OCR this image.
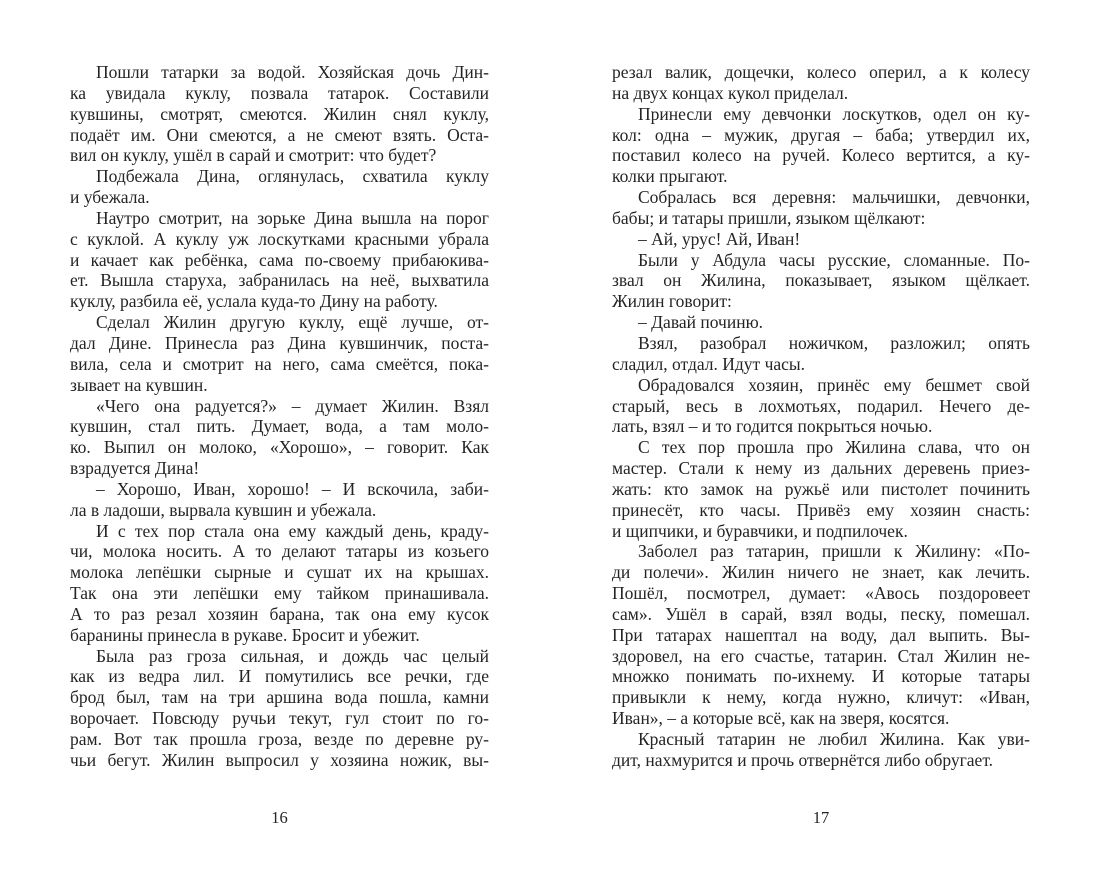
Пошли татарки за водой. Хозяйская дочь Дин-
ка увидала куклу, позвала татарок. Составили
кувшины, смотрят, смеются. Жилин снял куклу,
подаёт им. Они смеются, а не смеют взять. Оста-
вил он куклу, ушёл в сарай и смотрит: что будет?
Подбежала Дина, оглянулась, схватила куклу
и убежала.
Наутро смотрит, на зорьке Дина вышла на порог
с куклой. А куклу уж лоскутками красными убрала
и качает как ребёнка, сама по-своему прибаюкива-
ет. Вышла старуха, забранилась на неё, выхватила
куклу, разбила её, услала куда-то Дину на работу.
Сделал Жилин другую куклу, ещё лучше, от-
дал Дине. Принесла раз Дина кувшинчик, поста-
вила, села и смотрит на него, сама смеётся, пока-
зывает на кувшин.
«Чего она радуется?» – думает Жилин. Взял
кувшин, стал пить. Думает, вода, а там моло-
ко. Выпил он молоко, «Хорошо», – говорит. Как
взрадуется Дина!
– Хорошо, Иван, хорошо! – И вскочила, заби-
ла в ладоши, вырвала кувшин и убежала.
И с тех пор стала она ему каждый день, краду-
чи, молока носить. А то делают татары из козьего
молока лепёшки сырные и сушат их на крышах.
Так она эти лепёшки ему тайком принашивала.
А то раз резал хозяин барана, так она ему кусок
баранины принесла в рукаве. Бросит и убежит.
Была раз гроза сильная, и дождь час целый
как из ведра лил. И помутились все речки, где
брод был, там на три аршина вода пошла, камни
ворочает. Повсюду ручьи текут, гул стоит по го-
рам. Вот так прошла гроза, везде по деревне ру-
чьи бегут. Жилин выпросил у хозяина ножик, вы-
16
резал валик, дощечки, колесо оперил, а к колесу
на двух концах кукол приделал.
Принесли ему девчонки лоскутков, одел он ку-
кол: одна – мужик, другая – баба; утвердил их,
поставил колесо на ручей. Колесо вертится, а ку-
колки прыгают.
Собралась вся деревня: мальчишки, девчонки,
бабы; и татары пришли, языком щёлкают:
– Ай, урус! Ай, Иван!
Были у Абдула часы русские, сломанные. По-
звал он Жилина, показывает, языком щёлкает.
Жилин говорит:
– Давай починю.
Взял, разобрал ножичком, разложил; опять
сладил, отдал. Идут часы.
Обрадовался хозяин, принёс ему бешмет свой
старый, весь в лохмотьях, подарил. Нечего де-
лать, взял – и то годится покрыться ночью.
С тех пор прошла про Жилина слава, что он
мастер. Стали к нему из дальних деревень приез-
жать: кто замок на ружьё или пистолет починить
принесёт, кто часы. Привёз ему хозяин снасть:
и щипчики, и буравчики, и подпилочек.
Заболел раз татарин, пришли к Жилину: «По-
ди полечи». Жилин ничего не знает, как лечить.
Пошёл, посмотрел, думает: «Авось поздоровеет
сам». Ушёл в сарай, взял воды, песку, помешал.
При татарах нашептал на воду, дал выпить. Вы-
здоровел, на его счастье, татарин. Стал Жилин не-
множко понимать по-ихнему. И которые татары
привыкли к нему, когда нужно, кличут: «Иван,
Иван», – а которые всё, как на зверя, косятся.
Красный татарин не любил Жилина. Как уви-
дит, нахмурится и прочь отвернётся либо обругает.
17
